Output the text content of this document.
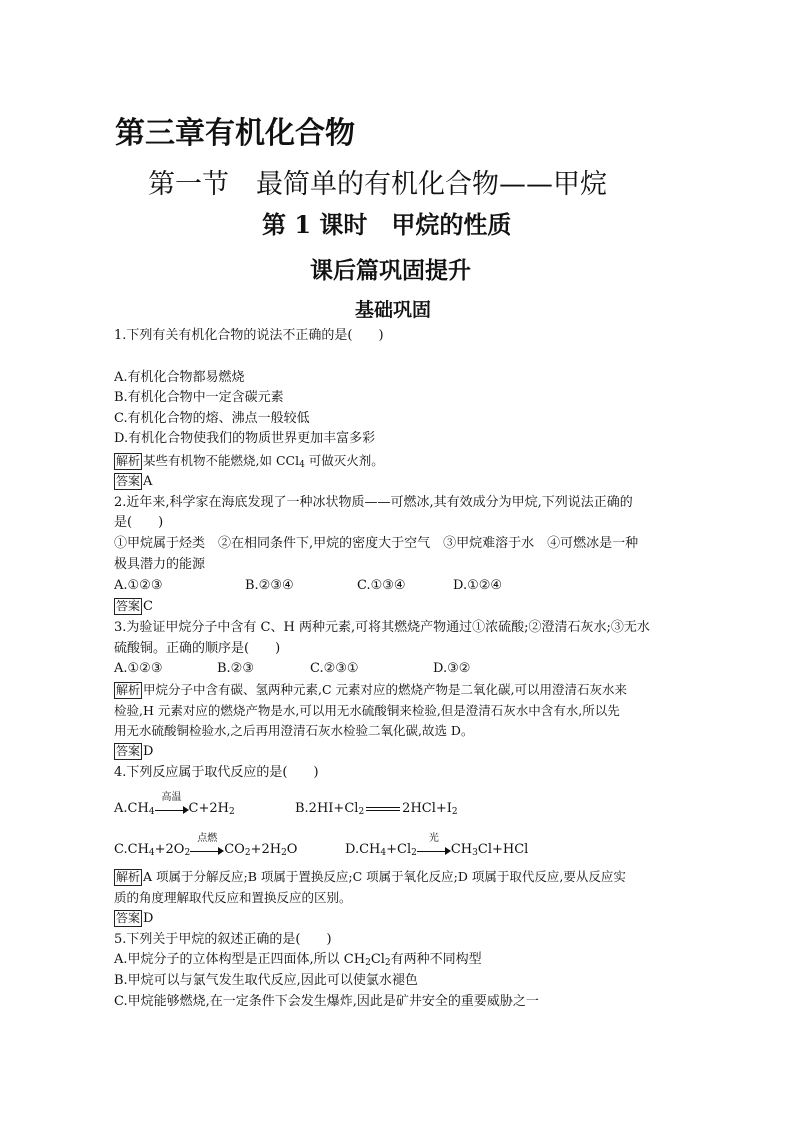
第三章有机化合物
第一节　最简单的有机化合物——甲烷
第 1 课时　甲烷的性质
课后篇巩固提升
基础巩固
1.下列有关有机化合物的说法不正确的是(　　)
A.有机化合物都易燃烧
B.有机化合物中一定含碳元素
C.有机化合物的熔、沸点一般较低
D.有机化合物使我们的物质世界更加丰富多彩
解析 某些有机物不能燃烧,如 CCl$_4$ 可做灭火剂。
答案 A
2.近年来,科学家在海底发现了一种冰状物质——可燃冰,其有效成分为甲烷,下列说法正确的
是(　　)
①甲烷属于烃类　②在相同条件下,甲烷的密度大于空气　③甲烷难溶于水　④可燃冰是一种
极具潜力的能源
A.①②③	B.②③④	C.①③④	D.①②④
答案 C
3.为验证甲烷分子中含有 C、H 两种元素,可将其燃烧产物通过①浓硫酸;②澄清石灰水;③无水
硫酸铜。正确的顺序是(　　)
A.①②③	B.②③	C.②③①	D.③②
解析 甲烷分子中含有碳、氢两种元素,C 元素对应的燃烧产物是二氧化碳,可以用澄清石灰水来
检验,H 元素对应的燃烧产物是水,可以用无水硫酸铜来检验,但是澄清石灰水中含有水,所以先
用无水硫酸铜检验水,之后再用澄清石灰水检验二氧化碳,故选 D。
答案 D
4.下列反应属于取代反应的是(　　)
$A.CH_4$
高温
$C+2H_2$	$B.2HI+Cl_2$	$2HCl+I_2$
$C.CH_4+2O_2$
点燃
$CO_2+2H_2O$	$D.CH_4+Cl_2$
光
$CH_3Cl+HCl$
解析 A 项属于分解反应;B 项属于置换反应;C 项属于氧化反应;D 项属于取代反应,要从反应实
质的角度理解取代反应和置换反应的区别。
答案 D
5.下列关于甲烷的叙述正确的是(　　)
A.甲烷分子的立体构型是正四面体,所以 $CH_2Cl_2$有两种不同构型
B.甲烷可以与氯气发生取代反应,因此可以使氯水褪色
C.甲烷能够燃烧,在一定条件下会发生爆炸,因此是矿井安全的重要威胁之一
